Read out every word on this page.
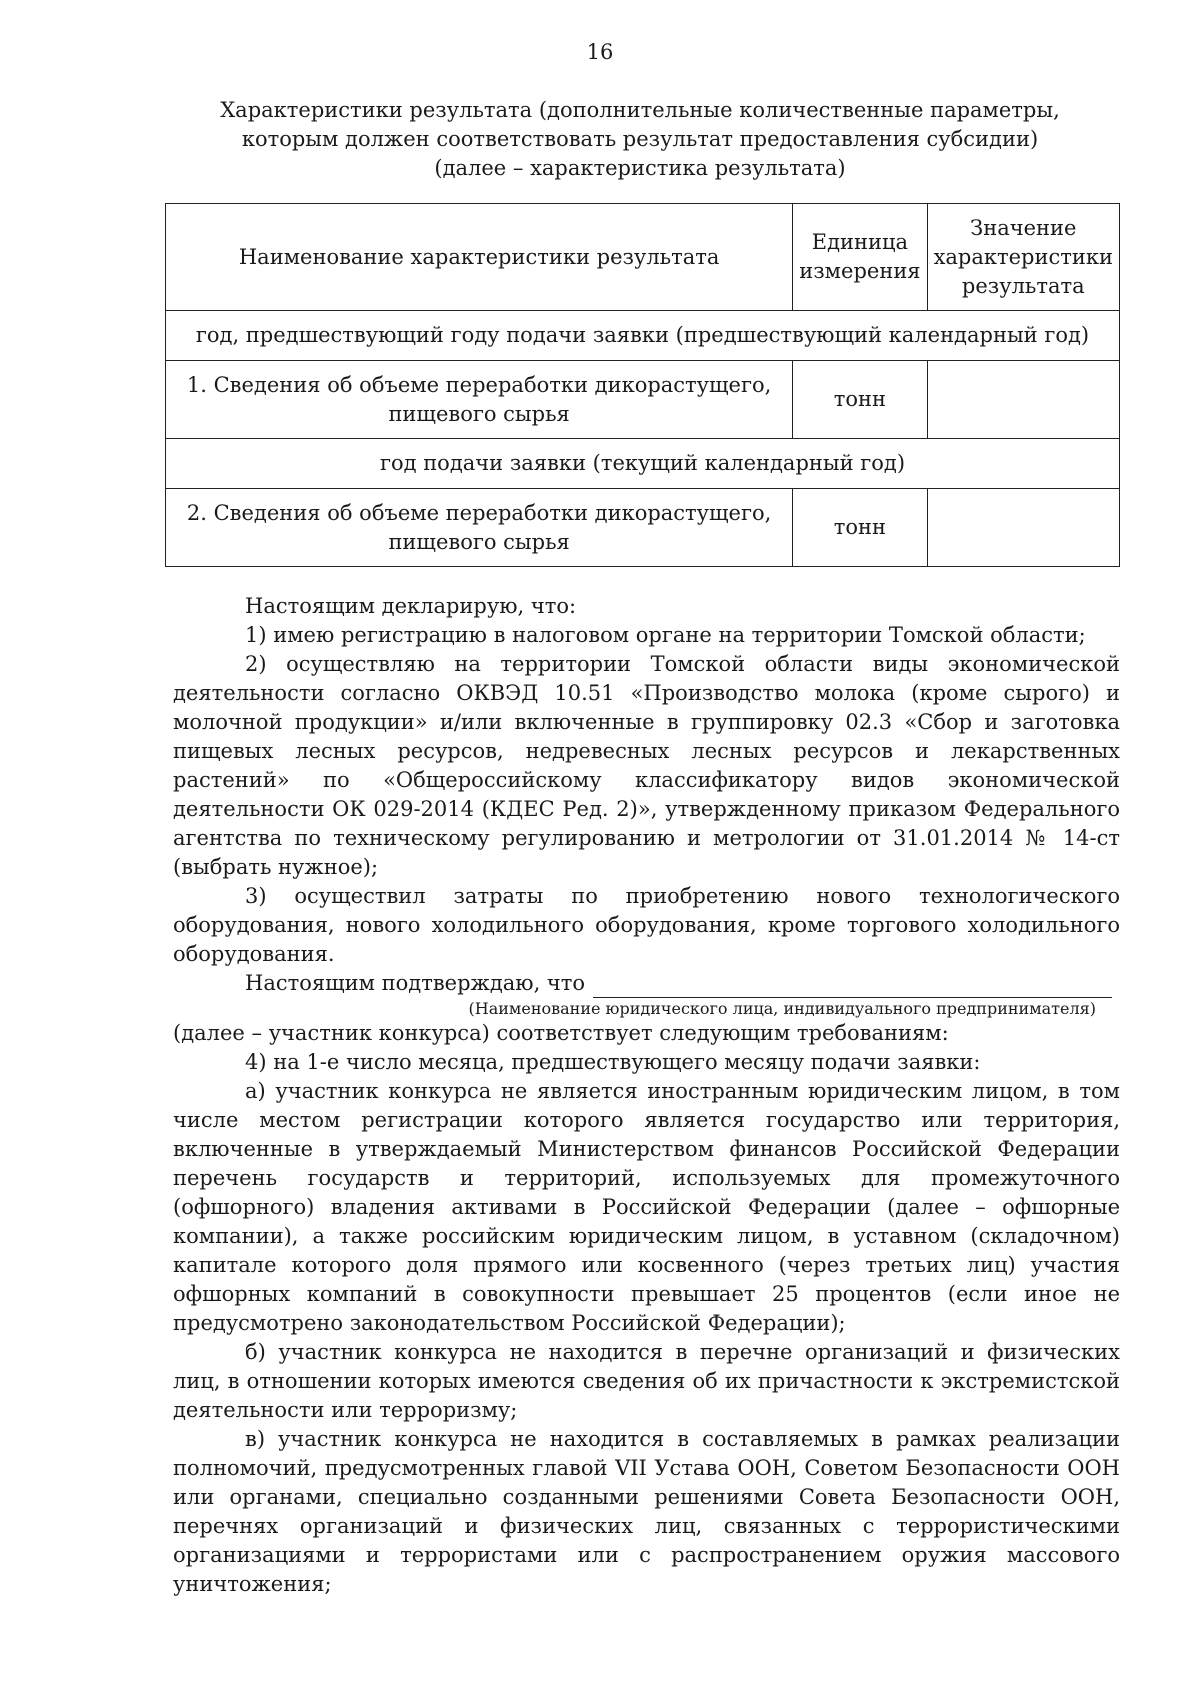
16
Характеристики результата (дополнительные количественные параметры,
которым должен соответствовать результат предоставления субсидии)
(далее – характеристика результата)
Наименование характеристики результата	Единица измерения	Значение характеристики результата
год, предшествующий году подачи заявки (предшествующий календарный год)		
1. Сведения об объеме переработки дикорастущего, пищевого сырья	тонн	
год подачи заявки (текущий календарный год)		
2. Сведения об объеме переработки дикорастущего, пищевого сырья	тонн	

Настоящим декларирую, что:

1) имею регистрацию в налоговом органе на территории Томской области;

2) осуществляю на территории Томской области виды экономической деятельности согласно ОКВЭД 10.51 «Производство молока (кроме сырого) и молочной продукции» и/или включенные в группировку 02.3 «Сбор и заготовка пищевых лесных ресурсов, недревесных лесных ресурсов и лекарственных растений» по «Общероссийскому классификатору видов экономической деятельности ОК 029-2014 (КДЕС Ред. 2)», утвержденному приказом Федерального агентства по техническому регулированию и метрологии от 31.01.2014 № 14-ст (выбрать нужное);

3) осуществил затраты по приобретению нового технологического оборудования, нового холодильного оборудования, кроме торгового холодильного оборудования.

Настоящим подтверждаю, что
(Наименование юридического лица, индивидуального предпринимателя)

(далее – участник конкурса) соответствует следующим требованиям:

4) на 1-е число месяца, предшествующего месяцу подачи заявки:

а) участник конкурса не является иностранным юридическим лицом, в том числе местом регистрации которого является государство или территория, включенные в утверждаемый Министерством финансов Российской Федерации перечень государств и территорий, используемых для промежуточного (офшорного) владения активами в Российской Федерации (далее – офшорные компании), а также российским юридическим лицом, в уставном (складочном) капитале которого доля прямого или косвенного (через третьих лиц) участия офшорных компаний в совокупности превышает 25 процентов (если иное не предусмотрено законодательством Российской Федерации);

б) участник конкурса не находится в перечне организаций и физических лиц, в отношении которых имеются сведения об их причастности к экстремистской деятельности или терроризму;

в) участник конкурса не находится в составляемых в рамках реализации полномочий, предусмотренных главой VII Устава ООН, Советом Безопасности ООН или органами, специально созданными решениями Совета Безопасности ООН, перечнях организаций и физических лиц, связанных с террористическими организациями и террористами или с распространением оружия массового уничтожения;
